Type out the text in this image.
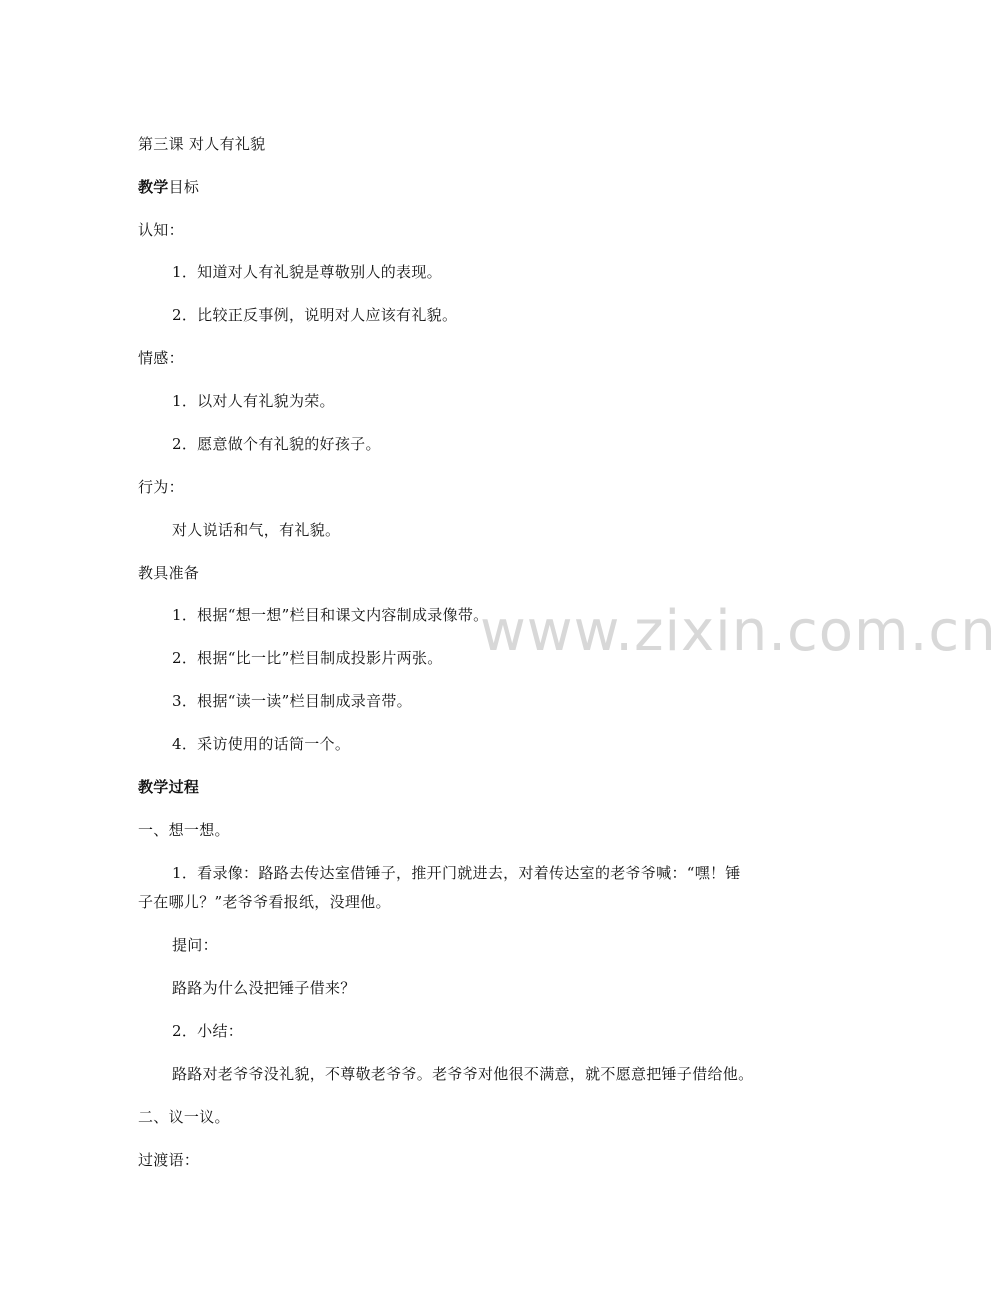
第三课 对人有礼貌
教学目标
认知：
1．知道对人有礼貌是尊敬别人的表现。
2．比较正反事例，说明对人应该有礼貌。
情感：
1．以对人有礼貌为荣。
2．愿意做个有礼貌的好孩子。
行为：
对人说话和气，有礼貌。
教具准备
1．根据“想一想”栏目和课文内容制成录像带。
2．根据“比一比”栏目制成投影片两张。
3．根据“读一读”栏目制成录音带。
4．采访使用的话筒一个。
教学过程
一、想一想。
1．看录像：路路去传达室借锤子，推开门就进去，对着传达室的老爷爷喊：“嘿！锤
子在哪儿？”老爷爷看报纸，没理他。
提问：
路路为什么没把锤子借来？
2．小结：
路路对老爷爷没礼貌，不尊敬老爷爷。老爷爷对他很不满意，就不愿意把锤子借给他。
二、议一议。
过渡语：
www.zixin.com.cn
